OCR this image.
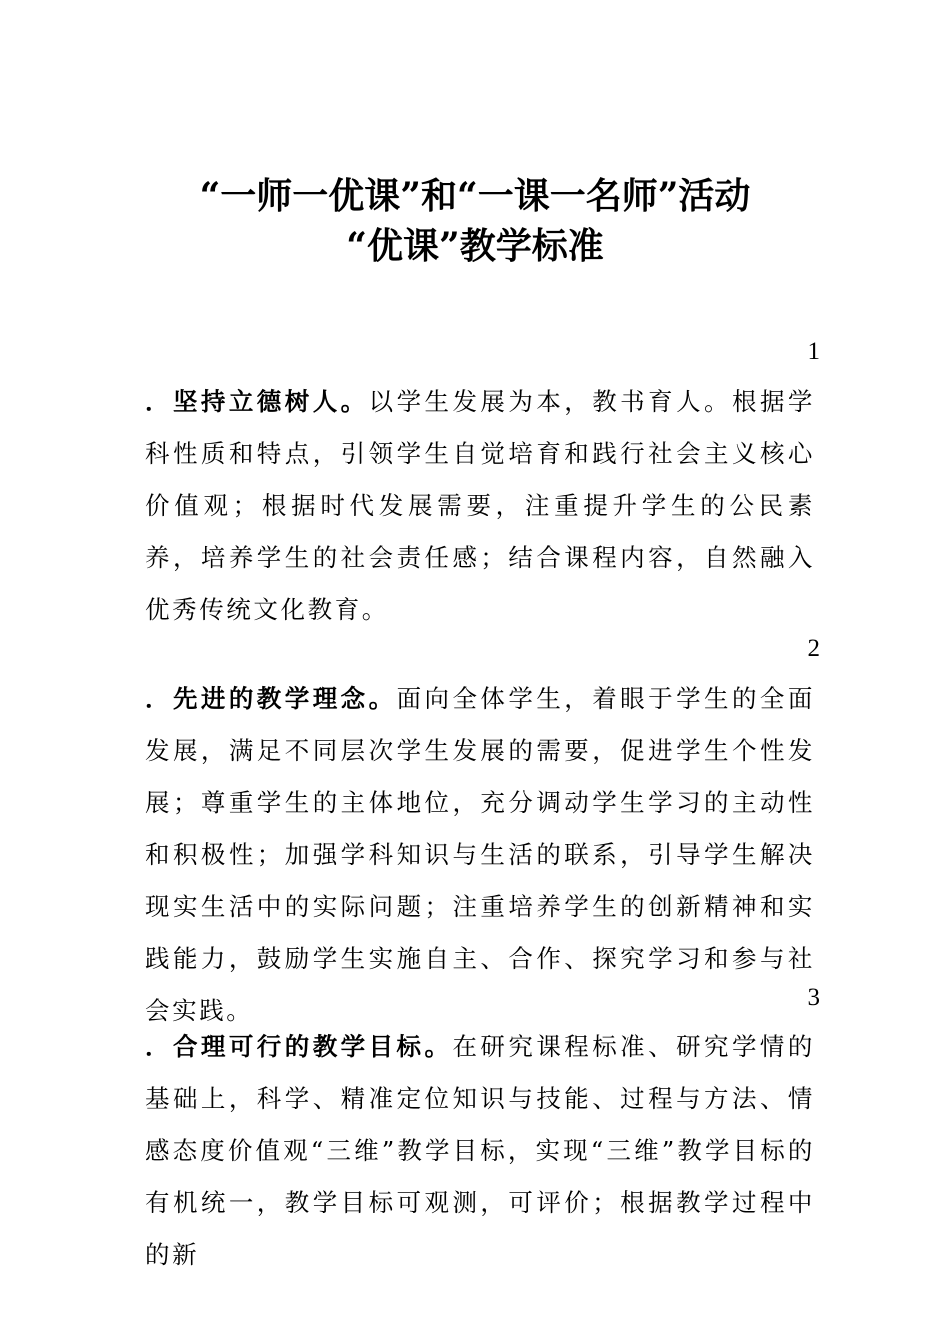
“一师一优课”和“一课一名师”活动
“优课”教学标准
1
．坚持立德树人。以学生发展为本，教书育人。根据学科性质和特点，引领学生自觉培育和践行社会主义核心价值观；根据时代发展需要，注重提升学生的公民素养，培养学生的社会责任感；结合课程内容，自然融入优秀传统文化教育。
2
．先进的教学理念。面向全体学生，着眼于学生的全面发展，满足不同层次学生发展的需要，促进学生个性发展；尊重学生的主体地位，充分调动学生学习的主动性和积极性；加强学科知识与生活的联系，引导学生解决现实生活中的实际问题；注重培养学生的创新精神和实践能力，鼓励学生实施自主、合作、探究学习和参与社会实践。	3
．合理可行的教学目标。在研究课程标准、研究学情的基础上，科学、精准定位知识与技能、过程与方法、情感态度价值观“三维”教学目标，实现“三维”教学目标的有机统一，教学目标可观测，可评价；根据教学过程中的新
